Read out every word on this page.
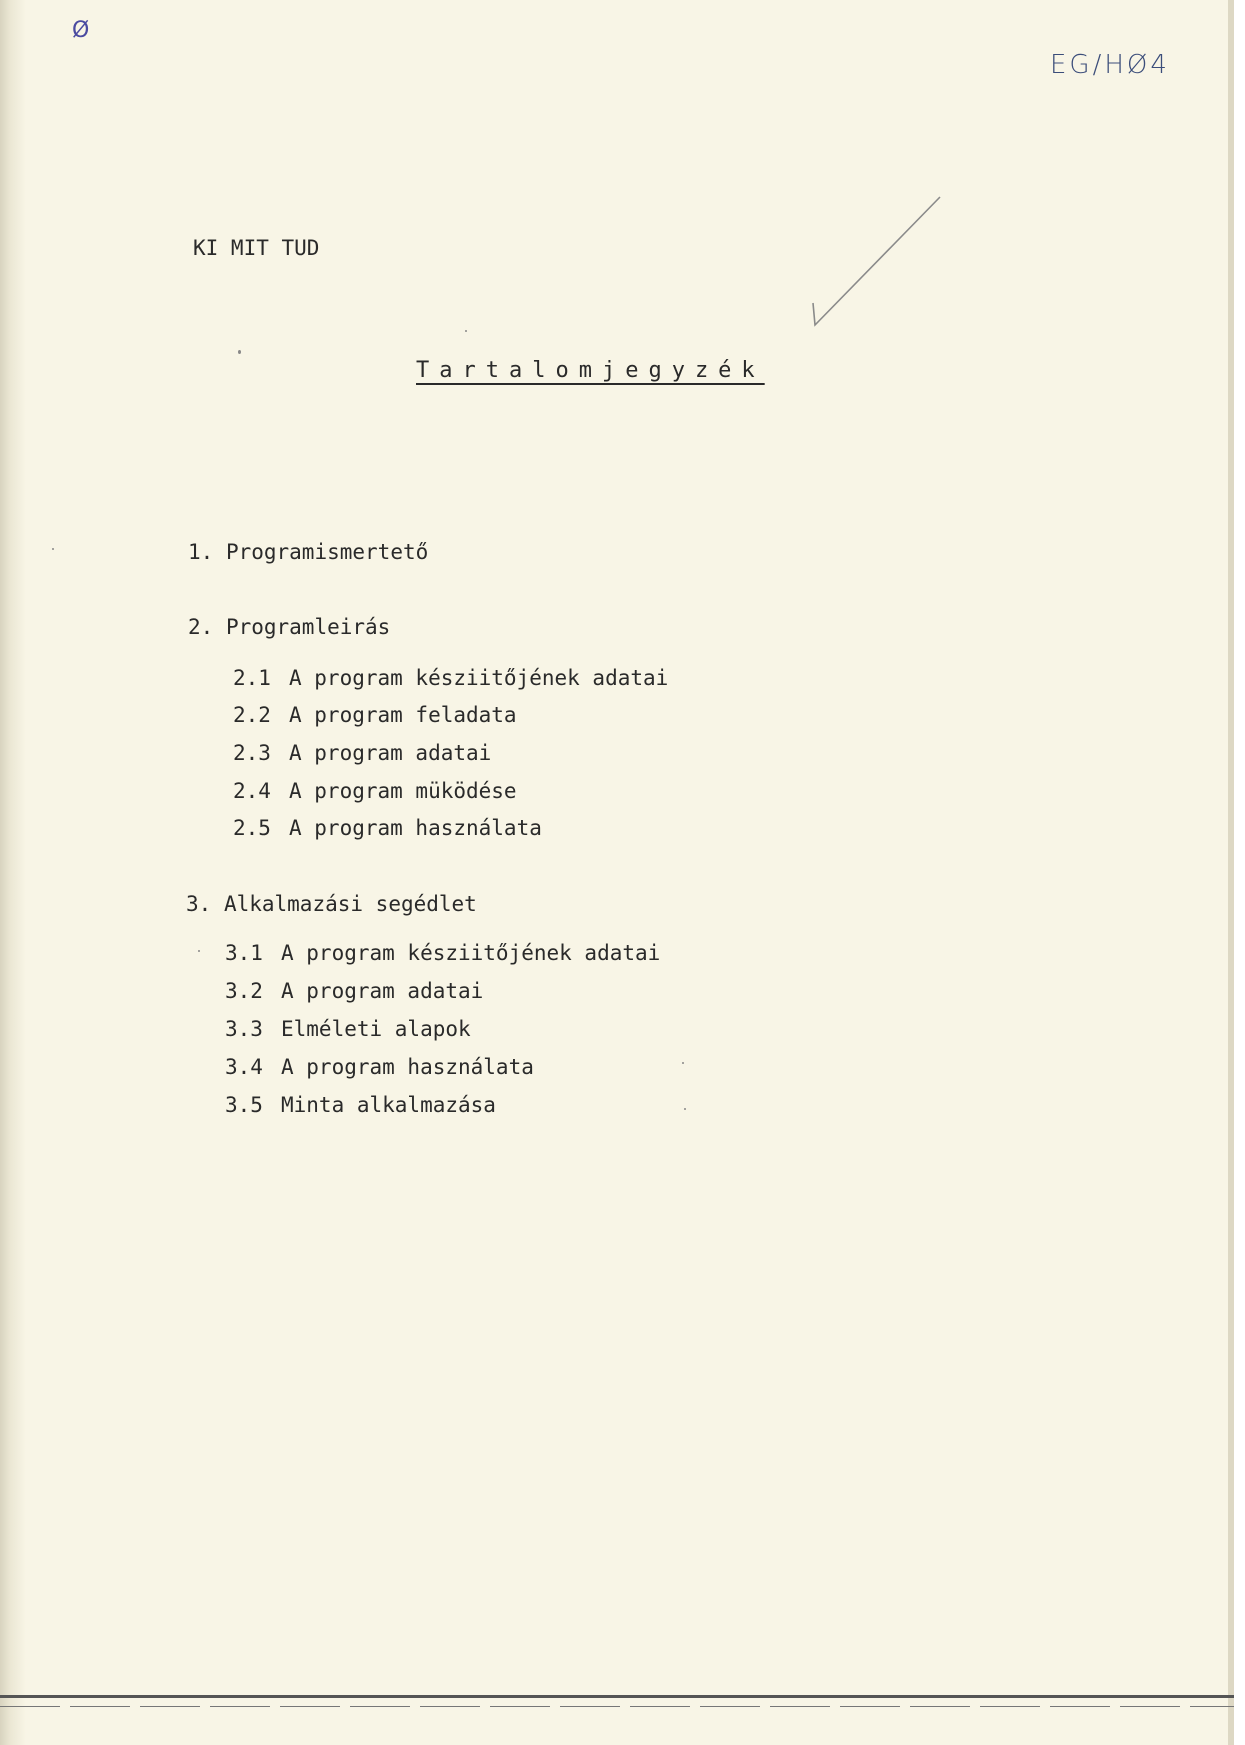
Ø
EG/HØ4
KI MIT TUD
Tartalomjegyzék
1. Programismertető
2. Programleirás
2.1 A program késziitőjének adatai
2.2 A program feladata
2.3 A program adatai
2.4 A program müködése
2.5 A program használata
3. Alkalmazási segédlet
3.1 A program késziitőjének adatai
3.2 A program adatai
3.3 Elméleti alapok
3.4 A program használata
3.5 Minta alkalmazása
